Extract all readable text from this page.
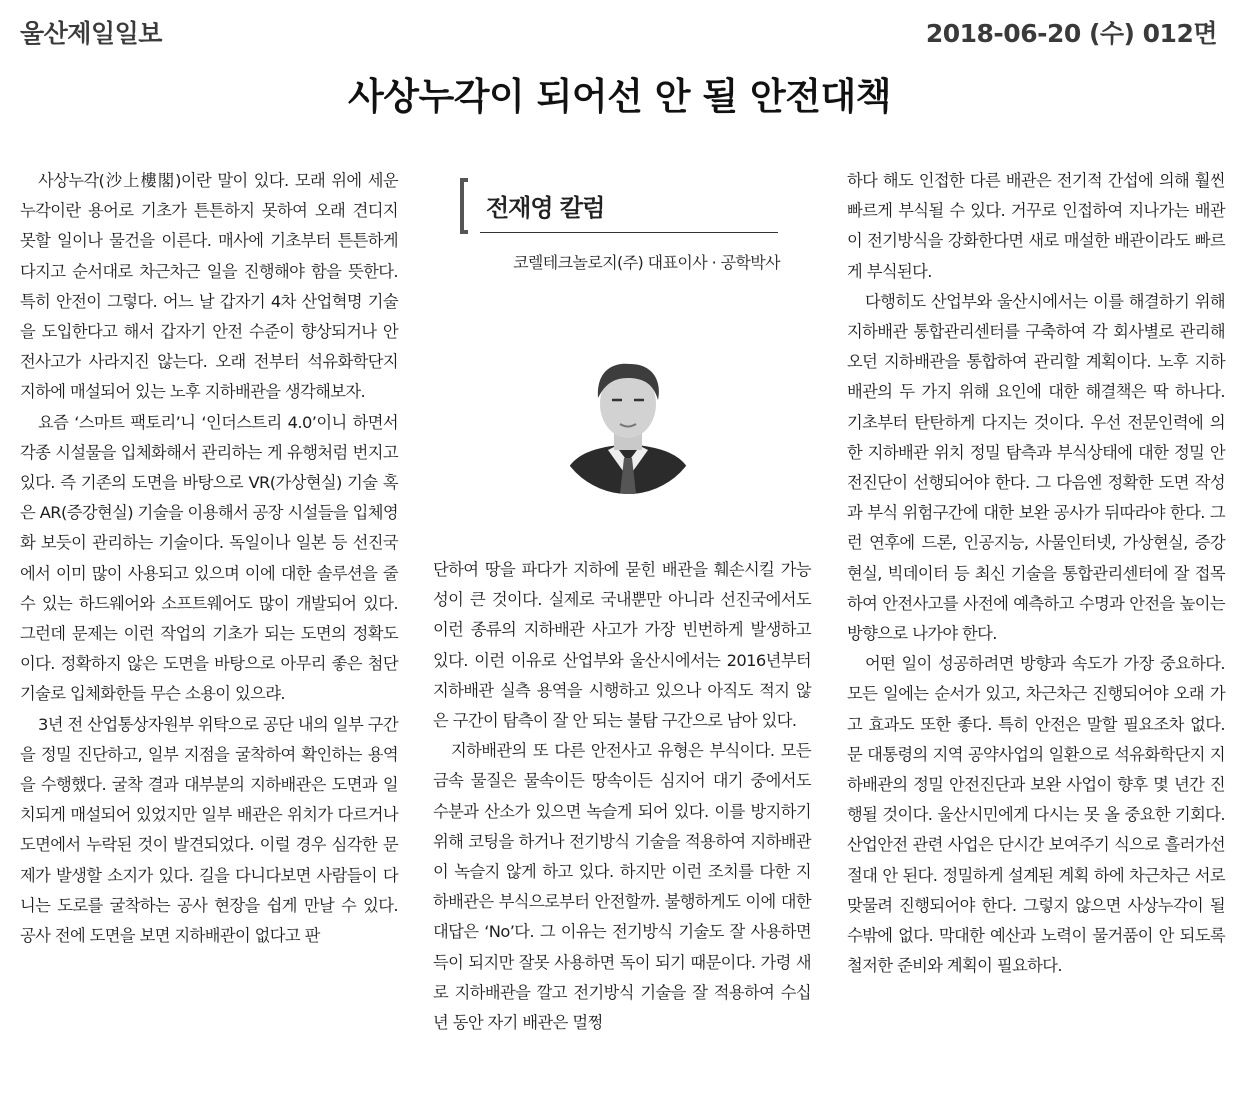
울산제일일보	2018-06-20 (수) 012면
사상누각이 되어선 안 될 안전대책

사상누각(沙上樓閣)이란 말이 있다. 모래 위에 세운 누각이란 용어로 기초가 튼튼하지 못하여 오래 견디지 못할 일이나 물건을 이른다. 매사에 기초부터 튼튼하게 다지고 순서대로 차근차근 일을 진행해야 함을 뜻한다. 특히 안전이 그렇다. 어느 날 갑자기 4차 산업혁명 기술을 도입한다고 해서 갑자기 안전 수준이 향상되거나 안전사고가 사라지진 않는다. 오래 전부터 석유화학단지 지하에 매설되어 있는 노후 지하배관을 생각해보자.

요즘 ‘스마트 팩토리’니 ‘인더스트리 4.0’이니 하면서 각종 시설물을 입체화해서 관리하는 게 유행처럼 번지고 있다. 즉 기존의 도면을 바탕으로 VR(가상현실) 기술 혹은 AR(증강현실) 기술을 이용해서 공장 시설들을 입체영화 보듯이 관리하는 기술이다. 독일이나 일본 등 선진국에서 이미 많이 사용되고 있으며 이에 대한 솔루션을 줄 수 있는 하드웨어와 소프트웨어도 많이 개발되어 있다. 그런데 문제는 이런 작업의 기초가 되는 도면의 정확도이다. 정확하지 않은 도면을 바탕으로 아무리 좋은 첨단기술로 입체화한들 무슨 소용이 있으랴.

3년 전 산업통상자원부 위탁으로 공단 내의 일부 구간을 정밀 진단하고, 일부 지점을 굴착하여 확인하는 용역을 수행했다. 굴착 결과 대부분의 지하배관은 도면과 일치되게 매설되어 있었지만 일부 배관은 위치가 다르거나 도면에서 누락된 것이 발견되었다. 이럴 경우 심각한 문제가 발생할 소지가 있다. 길을 다니다보면 사람들이 다니는 도로를 굴착하는 공사 현장을 쉽게 만날 수 있다. 공사 전에 도면을 보면 지하배관이 없다고 판

전재영 칼럼
코렐테크놀로지(주) 대표이사 · 공학박사

단하여 땅을 파다가 지하에 묻힌 배관을 훼손시킬 가능성이 큰 것이다. 실제로 국내뿐만 아니라 선진국에서도 이런 종류의 지하배관 사고가 가장 빈번하게 발생하고 있다. 이런 이유로 산업부와 울산시에서는 2016년부터 지하배관 실측 용역을 시행하고 있으나 아직도 적지 않은 구간이 탐측이 잘 안 되는 불탐 구간으로 남아 있다.

지하배관의 또 다른 안전사고 유형은 부식이다. 모든 금속 물질은 물속이든 땅속이든 심지어 대기 중에서도 수분과 산소가 있으면 녹슬게 되어 있다. 이를 방지하기 위해 코팅을 하거나 전기방식 기술을 적용하여 지하배관이 녹슬지 않게 하고 있다. 하지만 이런 조치를 다한 지하배관은 부식으로부터 안전할까. 불행하게도 이에 대한 대답은 ‘No’다. 그 이유는 전기방식 기술도 잘 사용하면 득이 되지만 잘못 사용하면 독이 되기 때문이다. 가령 새로 지하배관을 깔고 전기방식 기술을 잘 적용하여 수십 년 동안 자기 배관은 멀쩡

하다 해도 인접한 다른 배관은 전기적 간섭에 의해 훨씬 빠르게 부식될 수 있다. 거꾸로 인접하여 지나가는 배관이 전기방식을 강화한다면 새로 매설한 배관이라도 빠르게 부식된다.

다행히도 산업부와 울산시에서는 이를 해결하기 위해 지하배관 통합관리센터를 구축하여 각 회사별로 관리해오던 지하배관을 통합하여 관리할 계획이다. 노후 지하배관의 두 가지 위해 요인에 대한 해결책은 딱 하나다. 기초부터 탄탄하게 다지는 것이다. 우선 전문인력에 의한 지하배관 위치 정밀 탐측과 부식상태에 대한 정밀 안전진단이 선행되어야 한다. 그 다음엔 정확한 도면 작성과 부식 위험구간에 대한 보완 공사가 뒤따라야 한다. 그런 연후에 드론, 인공지능, 사물인터넷, 가상현실, 증강현실, 빅데이터 등 최신 기술을 통합관리센터에 잘 접목하여 안전사고를 사전에 예측하고 수명과 안전을 높이는 방향으로 나가야 한다.

어떤 일이 성공하려면 방향과 속도가 가장 중요하다. 모든 일에는 순서가 있고, 차근차근 진행되어야 오래 가고 효과도 또한 좋다. 특히 안전은 말할 필요조차 없다. 문 대통령의 지역 공약사업의 일환으로 석유화학단지 지하배관의 정밀 안전진단과 보완 사업이 향후 몇 년간 진행될 것이다. 울산시민에게 다시는 못 올 중요한 기회다. 산업안전 관련 사업은 단시간 보여주기 식으로 흘러가선 절대 안 된다. 정밀하게 설계된 계획 하에 차근차근 서로 맞물려 진행되어야 한다. 그렇지 않으면 사상누각이 될 수밖에 없다. 막대한 예산과 노력이 물거품이 안 되도록 철저한 준비와 계획이 필요하다.
